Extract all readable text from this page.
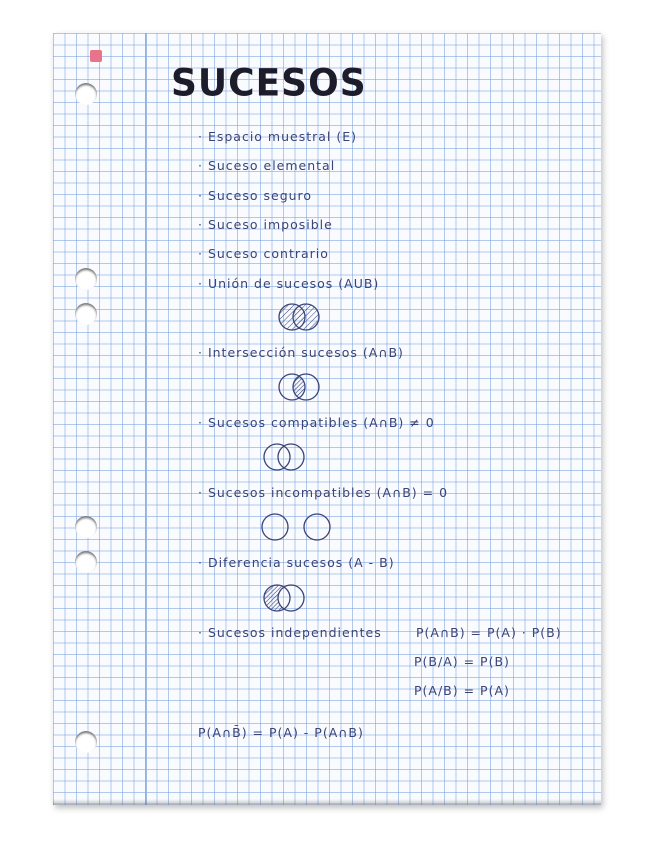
SUCESOS
· Espacio muestral (E)
· Suceso elemental
· Suceso seguro
· Suceso imposible
· Suceso contrario
· Unión de sucesos (AUB)
· Intersección sucesos (A∩B)
· Sucesos compatibles (A∩B) ≠ 0
· Sucesos incompatibles (A∩B) = 0
· Diferencia sucesos (A - B)
· Sucesos independientes	P(A∩B) = P(A) · P(B)
P(B/A) = P(B)
P(A/B) = P(A)
P(A∩B̄) = P(A) - P(A∩B)
